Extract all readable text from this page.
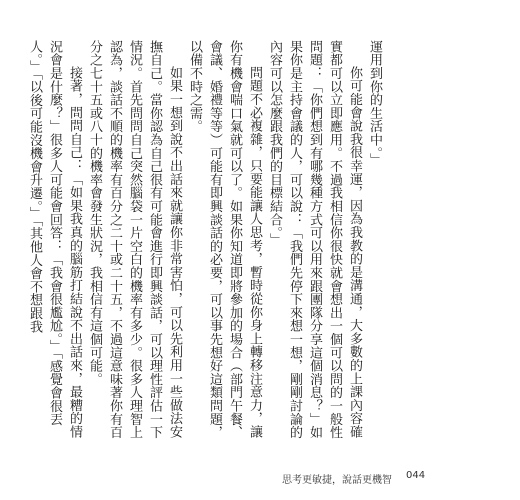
運用到你的生活中。」

你可能會說我很幸運，因為我教的是溝通，大多數的上課內容確實都可以立即應用。不過我相信你很快就會想出一個可以問的一般性問題：「你們想到有哪幾種方式可以用來跟團隊分享這個消息？」如果你是主持會議的人，可以說：「我們先停下來想一想，剛剛討論的內容可以怎麼跟我們的目標結合。」

問題不必複雜，只要能讓人思考，暫時從你身上轉移注意力，讓你有機會喘口氣就可以了。如果你知道即將參加的場合（部門午餐、會議、婚禮等等）可能有即興談話的必要，可以事先想好這類問題，以備不時之需。

如果一想到說不出話來就讓你非常害怕，可以先利用一些做法安撫自己。當你認為自己很有可能會進行即興談話，可以理性評估一下情況。首先問問自己突然腦袋一片空白的機率有多少。很多人理智上認為，談話不順的機率有百分之二十或二十五，不過這意味著你有百分之七十五或八十的機率會發生狀況，我相信有這個可能。

接著，問問自己：「如果我真的腦筋打結說不出話來，最糟的情況會是什麼？」很多人可能會回答：「我會很尷尬。」「感覺會很丟人。」「以後可能沒機會升遷。」「其他人會不想跟我

思考更敏捷，說話更機智 044
